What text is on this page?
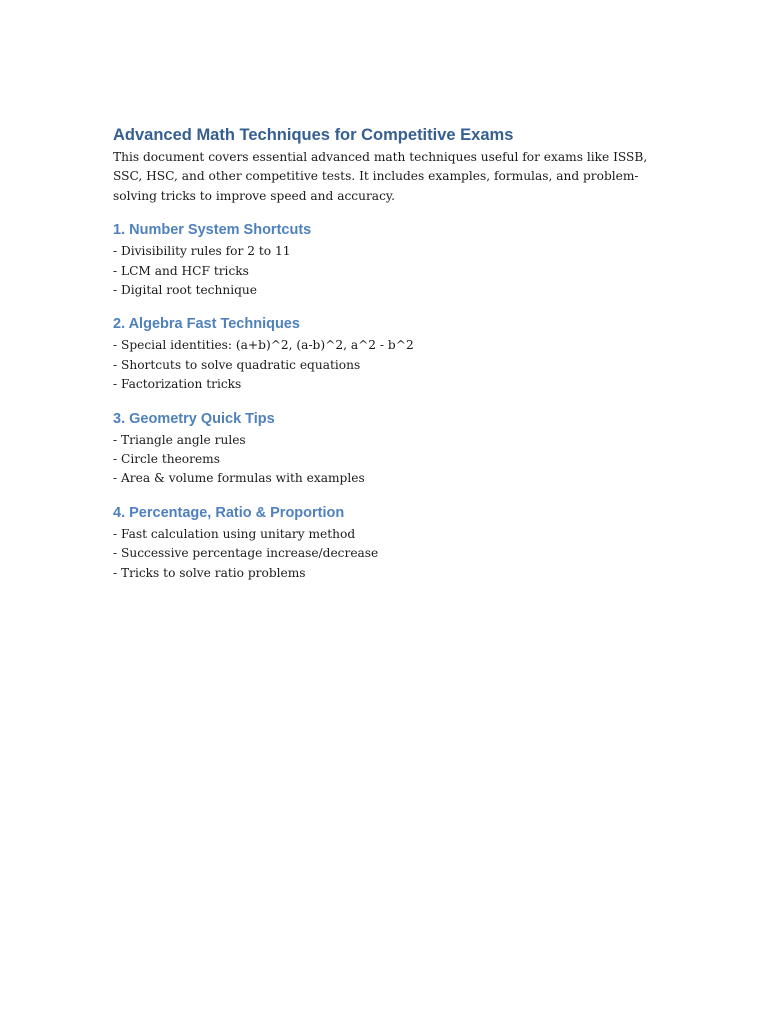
Advanced Math Techniques for Competitive Exams

This document covers essential advanced math techniques useful for exams like ISSB, SSC, HSC, and other competitive tests. It includes examples, formulas, and problem-solving tricks to improve speed and accuracy.

1. Number System Shortcuts
- Divisibility rules for 2 to 11
- LCM and HCF tricks
- Digital root technique
2. Algebra Fast Techniques
- Special identities: (a+b)^2, (a-b)^2, a^2 - b^2
- Shortcuts to solve quadratic equations
- Factorization tricks
3. Geometry Quick Tips
- Triangle angle rules
- Circle theorems
- Area & volume formulas with examples
4. Percentage, Ratio & Proportion
- Fast calculation using unitary method
- Successive percentage increase/decrease
- Tricks to solve ratio problems
